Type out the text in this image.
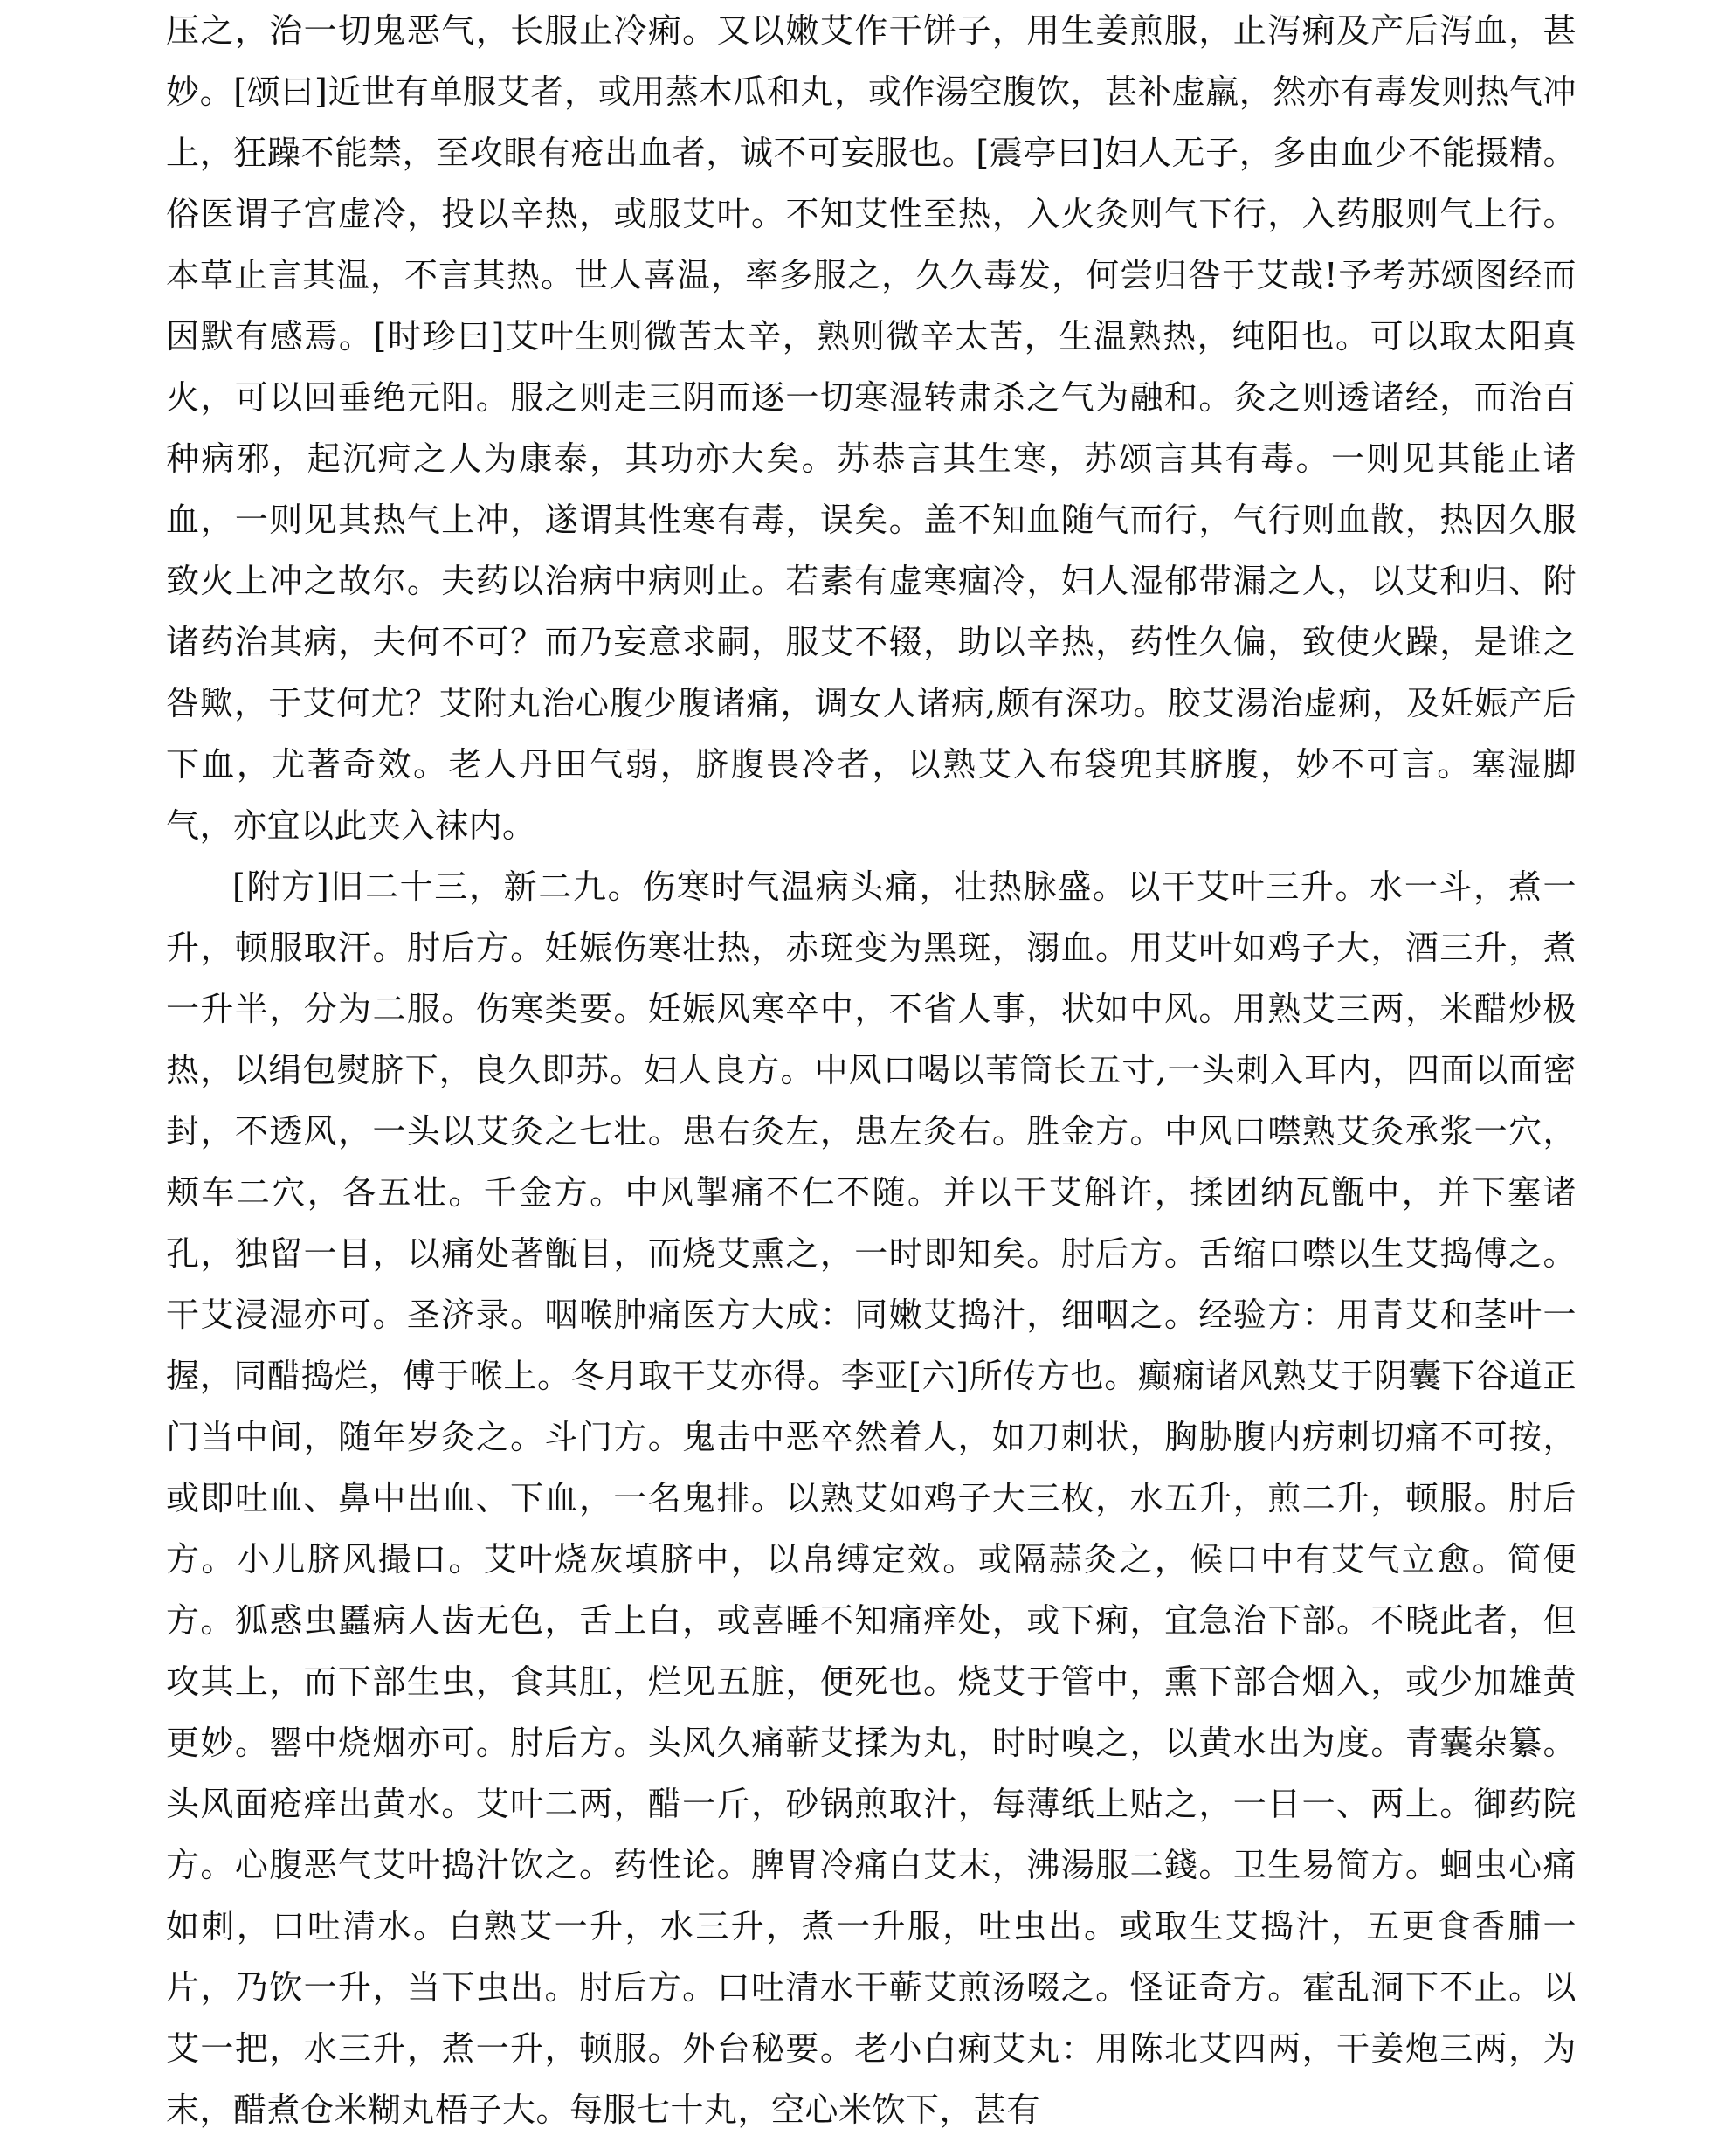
压之，治一切鬼恶气，长服止冷痢。又以嫩艾作干饼子，用生姜煎服，止泻痢及产后泻血，甚妙。[颂曰]近世有单服艾者，或用蒸木瓜和丸，或作湯空腹饮，甚补虚羸，然亦有毒发则热气冲上，狂躁不能禁，至攻眼有疮出血者，诚不可妄服也。[震亭曰]妇人无子，多由血少不能摄精。俗医谓子宫虚冷，投以辛热，或服艾叶。不知艾性至热，入火灸则气下行，入药服则气上行。本草止言其温，不言其热。世人喜温，率多服之，久久毒发，何尝归咎于艾哉!予考苏颂图经而因默有感焉。[时珍曰]艾叶生则微苦太辛，熟则微辛太苦，生温熟热，纯阳也。可以取太阳真火，可以回垂绝元阳。服之则走三阴而逐一切寒湿转肃杀之气为融和。灸之则透诸经，而治百种病邪，起沉疴之人为康泰，其功亦大矣。苏恭言其生寒，苏颂言其有毒。一则见其能止诸血，一则见其热气上冲，遂谓其性寒有毒，误矣。盖不知血随气而行，气行则血散，热因久服致火上冲之故尔。夫药以治病中病则止。若素有虚寒痼冷，妇人湿郁带漏之人，以艾和归、附诸药治其病，夫何不可？而乃妄意求嗣，服艾不辍，助以辛热，药性久偏，致使火躁，是谁之咎歟，于艾何尤？艾附丸治心腹少腹诸痛，调女人诸病,颇有深功。胶艾湯治虚痢，及妊娠产后下血，尤著奇效。老人丹田气弱，脐腹畏冷者，以熟艾入布袋兜其脐腹，妙不可言。塞湿脚气，亦宜以此夹入袜内。

[附方]旧二十三，新二九。伤寒时气温病头痛，壮热脉盛。以干艾叶三升。水一斗，煮一升，顿服取汗。肘后方。妊娠伤寒壮热，赤斑变为黑斑，溺血。用艾叶如鸡子大，酒三升，煮一升半，分为二服。伤寒类要。妊娠风寒卒中，不省人事，状如中风。用熟艾三两，米醋炒极热，以绢包熨脐下，良久即苏。妇人良方。中风口喝以苇筒长五寸,一头刺入耳内，四面以面密封，不透风，一头以艾灸之七壮。患右灸左，患左灸右。胜金方。中风口噤熟艾灸承浆一穴，颊车二穴，各五壮。千金方。中风掣痛不仁不随。并以干艾斛许，揉团纳瓦甑中，并下塞诸孔，独留一目，以痛处著甑目，而烧艾熏之，一时即知矣。肘后方。舌缩口噤以生艾捣傅之。干艾浸湿亦可。圣济录。咽喉肿痛医方大成：同嫩艾捣汁，细咽之。经验方：用青艾和茎叶一握，同醋捣烂，傅于喉上。冬月取干艾亦得。李亚[六]所传方也。癫痫诸风熟艾于阴囊下谷道正门当中间，随年岁灸之。斗门方。鬼击中恶卒然着人，如刀刺状，胸胁腹内疠刺切痛不可按，或即吐血、鼻中出血、下血，一名鬼排。以熟艾如鸡子大三枚，水五升，煎二升，顿服。肘后方。小儿脐风撮口。艾叶烧灰填脐中，以帛缚定效。或隔蒜灸之，候口中有艾气立愈。简便方。狐惑虫䘌病人齿无色，舌上白，或喜睡不知痛痒处，或下痢，宜急治下部。不晓此者，但攻其上，而下部生虫，食其肛，烂见五脏，便死也。烧艾于管中，熏下部合烟入，或少加雄黄更妙。罂中烧烟亦可。肘后方。头风久痛蕲艾揉为丸，时时嗅之，以黄水出为度。青囊杂纂。头风面疮痒出黄水。艾叶二两，醋一斤，砂锅煎取汁，每薄纸上贴之，一日一、两上。御药院方。心腹恶气艾叶捣汁饮之。药性论。脾胃冷痛白艾末，沸湯服二錢。卫生易简方。蛔虫心痛如刺，口吐清水。白熟艾一升，水三升，煮一升服，吐虫出。或取生艾捣汁，五更食香脯一片，乃饮一升，当下虫出。肘后方。口吐清水干蕲艾煎汤啜之。怪证奇方。霍乱洞下不止。以艾一把，水三升，煮一升，顿服。外台秘要。老小白痢艾丸：用陈北艾四两，干姜炮三两，为末，醋煮仓米糊丸梧子大。每服七十丸，空心米饮下，甚有
